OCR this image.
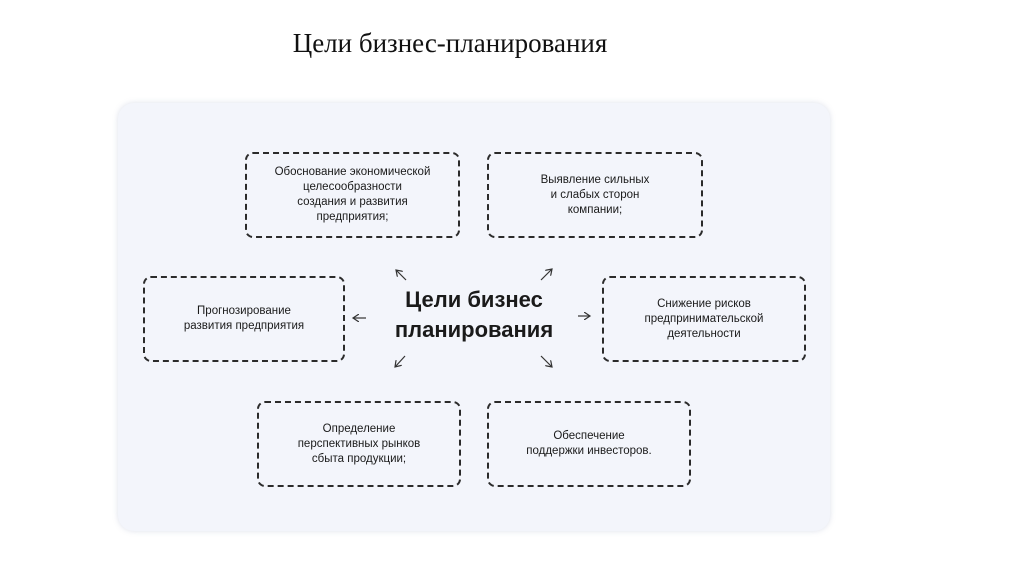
Цели бизнес-планирования
Обоснование экономической
целесообразности
создания и развития
предприятия;
Выявление сильных
и слабых сторон
компании;
Прогнозирование
развития предприятия
Снижение рисков
предпринимательской
деятельности
Определение
перспективных рынков
сбыта продукции;
Обеспечение
поддержки инвесторов.
Цели бизнес
планирования
